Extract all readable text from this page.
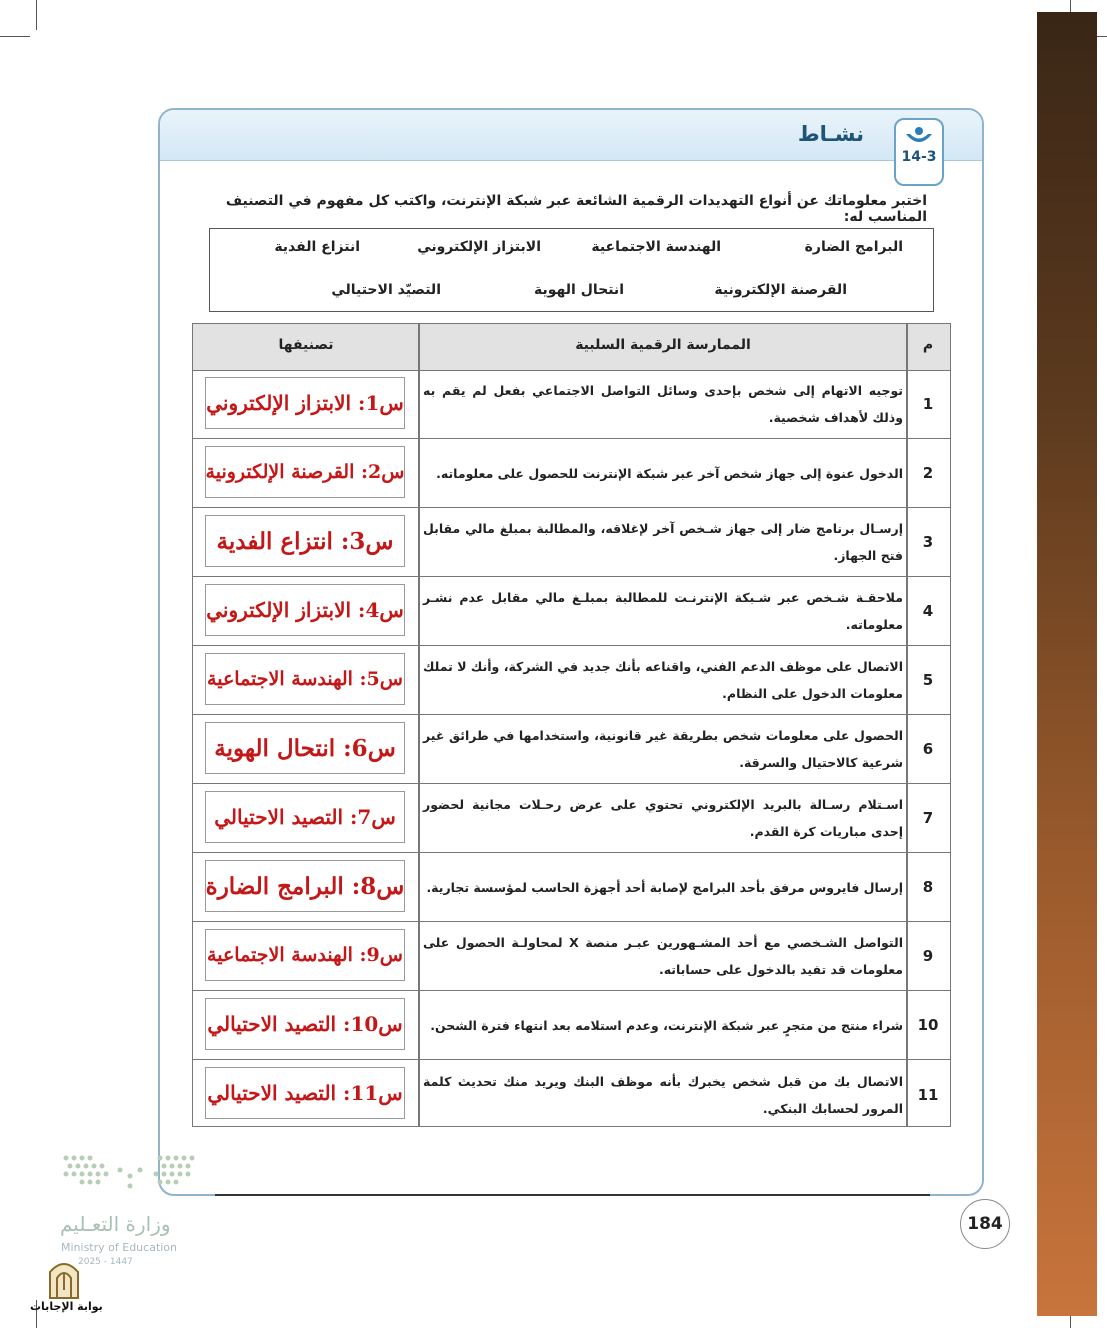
نشـاط
14-3
اختبر معلوماتك عن أنواع التهديدات الرقمية الشائعة عبر شبكة الإنترنت، واكتب كل مفهوم في التصنيف المناسب له:
البرامج الضارة
الهندسة الاجتماعية
الابتزاز الإلكتروني
انتزاع الفدية
القرصنة الإلكترونية
انتحال الهوية
التصيّد الاحتيالي
تصنيفها	الممارسة الرقمية السلبية	م
1
توجيه الاتهام إلى شخص بإحدى وسائل التواصل الاجتماعي بفعل لم يقم به وذلك لأهداف شخصية.
س1: الابتزاز الإلكتروني
2
الدخول عنوة إلى جهاز شخص آخر عبر شبكة الإنترنت للحصول على معلوماته.
س2: القرصنة الإلكترونية
3
إرسـال برنامج ضار إلى جهاز شـخص آخر لإغلاقه، والمطالبة بمبلغ مالي مقابل فتح الجهاز.
س3: انتزاع الفدية
4
ملاحقـة شـخص عبر شـبكة الإنترنـت للمطالبة بمبلـغ مالي مقابل عدم نشـر معلوماته.
س4: الابتزاز الإلكتروني
5
الاتصال على موظف الدعم الفني، واقناعه بأنك جديد في الشركة، وأنك لا تملك معلومات الدخول على النظام.
س5: الهندسة الاجتماعية
6
الحصول على معلومات شخص بطريقة غير قانونية، واستخدامها في طرائق غير شرعية كالاحتيال والسرقة.
س6: انتحال الهوية
7
اسـتلام رسـالة بالبريد الإلكتروني تحتوي على عرض رحـلات مجانية لحضور إحدى مباريات كرة القدم.
س7: التصيد الاحتيالي
8
إرسال فايروس مرفق بأحد البرامج لإصابة أحد أجهزة الحاسب لمؤسسة تجارية.
س8: البرامج الضارة
9
التواصل الشـخصي مع أحد المشـهورين عبـر منصة X لمحاولـة الحصول على معلومات قد تفيد بالدخول على حساباته.
س9: الهندسة الاجتماعية
10
شراء منتج من متجرٍ عبر شبكة الإنترنت، وعدم استلامه بعد انتهاء فترة الشحن.
س10: التصيد الاحتيالي
11
الاتصال بك من قبل شخص يخبرك بأنه موظف البنك ويريد منك تحديث كلمة المرور لحسابك البنكي.
س11: التصيد الاحتيالي
184
وزارة التعـليم
Ministry of Education
2025 - 1447
بوابة الإجابات
